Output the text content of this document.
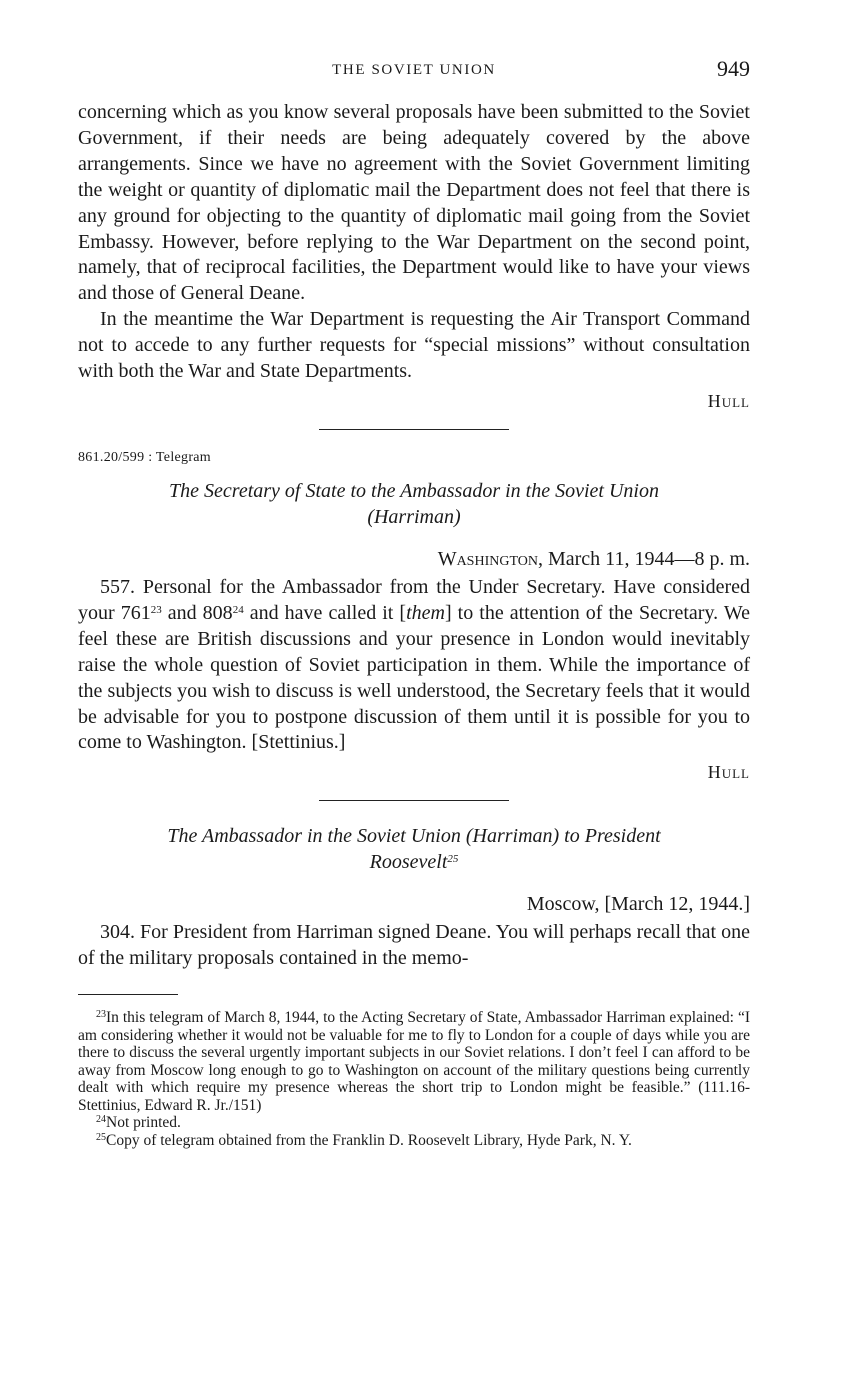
THE SOVIET UNION	949

concerning which as you know several proposals have been submitted to the Soviet Government, if their needs are being adequately covered by the above arrangements. Since we have no agreement with the Soviet Government limiting the weight or quantity of diplomatic mail the Department does not feel that there is any ground for objecting to the quantity of diplomatic mail going from the Soviet Embassy. However, before replying to the War Department on the second point, namely, that of reciprocal facilities, the Department would like to have your views and those of General Deane.

In the meantime the War Department is requesting the Air Transport Command not to accede to any further requests for “special missions” without consultation with both the War and State Departments.

Hull
861.20/599 : Telegram
The Secretary of State to the Ambassador in the Soviet Union
(Harriman)
Washington, March 11, 1944—8 p. m.

557. Personal for the Ambassador from the Under Secretary. Have considered your $761^{23}$ and $808^{24}$ and have called it [them] to the attention of the Secretary. We feel these are British discussions and your presence in London would inevitably raise the whole question of Soviet participation in them. While the importance of the subjects you wish to discuss is well understood, the Secretary feels that it would be advisable for you to postpone discussion of them until it is possible for you to come to Washington. [Stettinius.]

Hull
The Ambassador in the Soviet Union (Harriman) to President
Roosevelt$^{25}$
Moscow, [March 12, 1944.]

304. For President from Harriman signed Deane. You will perhaps recall that one of the military proposals contained in the memo-

$^{23}$In this telegram of March 8, 1944, to the Acting Secretary of State, Ambassador Harriman explained: “I am considering whether it would not be valuable for me to fly to London for a couple of days while you are there to discuss the several urgently important subjects in our Soviet relations. I don’t feel I can afford to be away from Moscow long enough to go to Washington on account of the military questions being currently dealt with which require my presence whereas the short trip to London might be feasible.” (111.16-Stettinius, Edward R. Jr./151)

$^{24}$Not printed.

$^{25}$Copy of telegram obtained from the Franklin D. Roosevelt Library, Hyde Park, N. Y.
